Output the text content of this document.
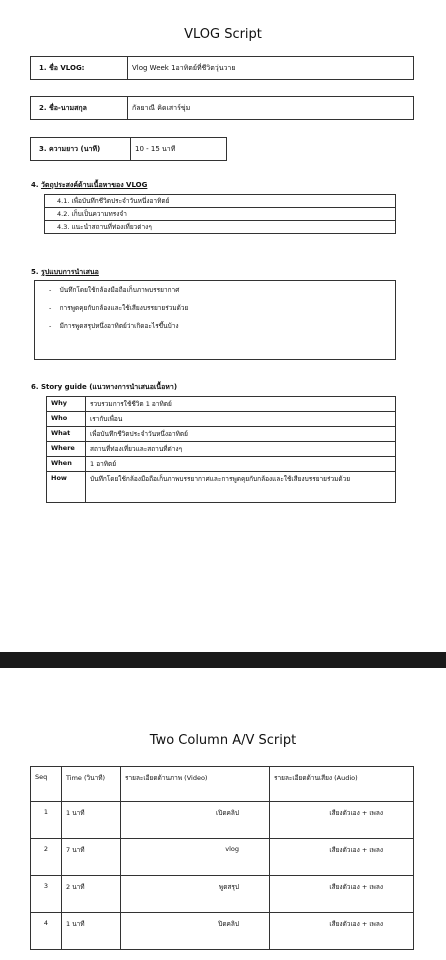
VLOG Script
1. ชื่อ VLOG:	Vlog Week 1อาทิตย์ที่ชีวิตวุ่นวาย
2. ชื่อ-นามสกุล	กัลยาณี คิดเสาร์ขุ่ม
3. ความยาว (นาที)	10 - 15 นาที
4. วัตถุประสงค์ด้านเนื้อหาของ VLOG
4.1. เพื่อบันทึกชีวิตประจำวันหนึ่งอาทิตย์
4.2. เก็บเป็นความทรงจำ
4.3. แนะนำสถานที่ท่องเที่ยวต่างๆ
5. รูปแบบการนำเสนอ
-    บันทึกโดยใช้กล้องมือถือเก็บภาพบรรยากาศ
-    การพูดคุยกับกล้องและใช้เสียงบรรยายร่วมด้วย
-    มีการพูดสรุปหนึ่งอาทิตย์ว่าเกิดอะไรขึ้นบ้าง
6. Story guide (แนวทางการนำเสนอเนื้อหา)
Why	รวบรวมการใช้ชีวิต 1 อาทิตย์
Who	เรากับเพื่อน
What	เพื่อบันทึกชีวิตประจำวันหนึ่งอาทิตย์
Where	สถานที่ท่องเที่ยวและสถานที่ต่างๆ
When	1 อาทิตย์
How	บันทึกโดยใช้กล้องมือถือเก็บภาพบรรยากาศและการพูดคุยกับกล้องและใช้เสียงบรรยายร่วมด้วย
Two Column A/V Script
Seq	Time (วินาที)	รายละเอียดด้านภาพ (Video)	รายละเอียดด้านเสียง (Audio)
1	1 นาที	เปิดคลิป	เสียงตัวเอง + เพลง
2	7 นาที	vlog	เสียงตัวเอง + เพลง
3	2 นาที	พูดสรุป	เสียงตัวเอง + เพลง
4	1 นาที	ปิดคลิป	เสียงตัวเอง + เพลง
